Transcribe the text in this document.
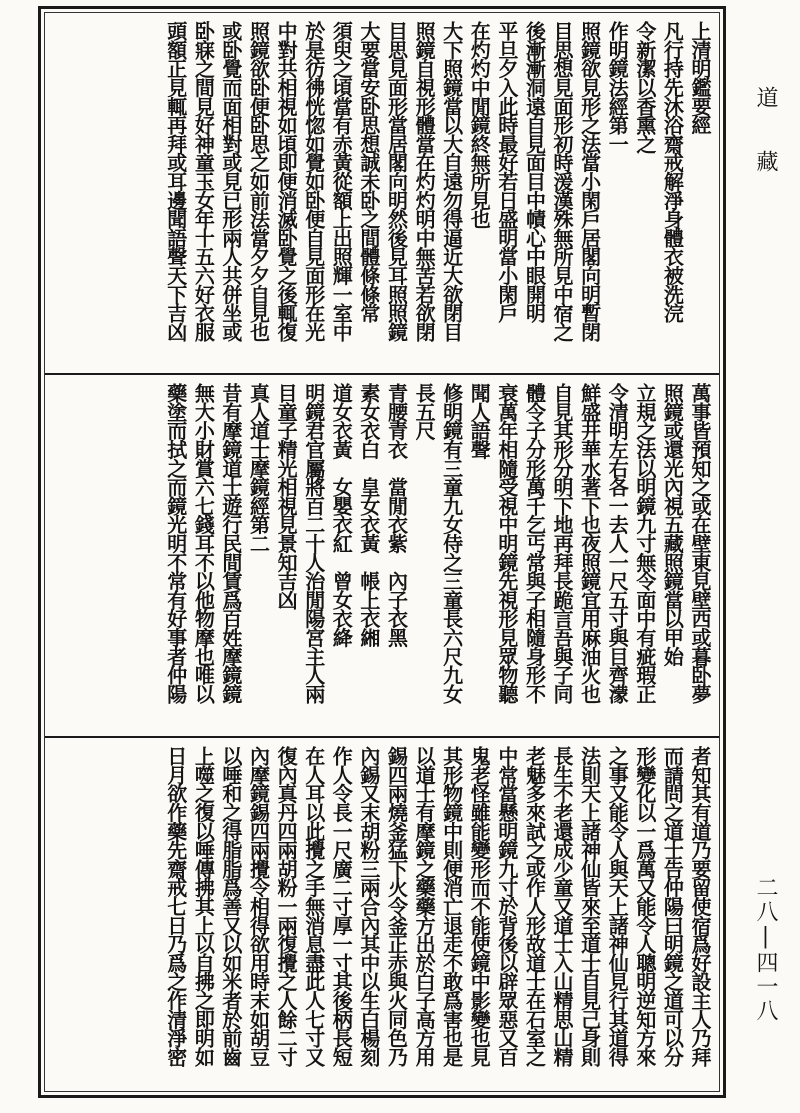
上清明鑑要經
凡行持先沐浴齋戒解淨身體衣被洗浣
令新潔以香熏之
作明鏡法經第一
照鏡欲見形之法當小閑戶居閣向明暫閉
目思想見面形初時湲漢殊無所見中宿之
後漸漸洞遠自見面目中幘心中眼開明
平旦夕入此時最好若日盛明當小閑戶
在灼灼中閒鏡終無所見也
大下照鏡當以大自遠勿得逼近大欲閉目
照鏡自視形體當在灼灼明中無苦若欲閉
目思見面形當居閣向明然後見耳照照鏡
大要當安卧思想誠未卧之間體條條常
須臾之頃當有赤黃從額上出照輝一室中
於是彷彿恍惚如覺如卧便自見面形在光
中對共相視如頃即便消滅卧覺之後輒復
照鏡欲卧便卧思之如前法當夕夕自見也
或卧覺而面相對或見已形兩人共併坐或
卧寐之間見好神童玉女年十五六好衣服
頭額正見輒再拜或耳邊聞語聲天下吉凶
萬事皆預知之或在壁東見壁西或暮卧夢
照鏡或還光內視五藏照鏡當以甲始
立規之法以明鏡九寸無令面中有疵瑕正
令清明左右各一去人一尺五寸與目齊濛
鮮盛井華水著下也夜照鏡宜用麻油火也
自見其形分明下地再拜長跪言吾與子同
體令子分形萬千乞丐常與子相隨身形不
衰萬年相隨受視中明鏡先視形見眾物聽
聞人語聲
修明鏡有三童九女侍之三童長六尺九女
長五尺
青腰青衣　當閒衣紫　內子衣黑
素女衣白　皇女衣黃　帳上衣緗
道女衣黃　女嬰衣紅　曾女衣絳
明鏡君官屬將百二十人治閒陽宮主人兩
目童子精光相視見景知吉凶
真人道士摩鏡經第二
昔有摩鏡道士遊行民間賃爲百姓摩鏡鏡
無大小財賞六七錢耳不以他物摩也唯以
藥塗而拭之而鏡光明不常有好事者仲陽
者知其有道乃要留使宿爲好設主人乃拜
而請問之道士告仲陽曰明鏡之道可以分
形變化以一爲萬又能令人聰明逆知方來
之事又能令人與天上諸神仙見行其道得
法則天上諸神仙皆來至道士自見己身則
長生不老還成少童又道士入山精思山精
老魅多來試之或作人形故道士在石室之
中常當懸明鏡九寸於背後以辟眾惡又百
鬼老怪雖能變形而不能使鏡中影變也見
其形物鏡中則便消亡退走不敢爲害也是
以道士有摩鏡之藥藥方出於白子高方用
錫四兩燒釜猛下火令釜正赤與火同色乃
內錫又末胡粉三兩合內其中以生白楊刻
作人令長一尺廣二寸厚一寸其後柄長短
在人耳以此攪之手無消息盡此人七寸又
復內真丹四兩胡粉一兩復攪之人餘二寸
內摩鏡錫四兩攪令相得欲用時末如胡豆
以唾和之得脂脂爲善又以如米者於前齒
上噬之復以唾傳拂其上以自拂之即明如
日月欲作藥先齋戒七日乃爲之作清淨密
道藏
二八|四一八
